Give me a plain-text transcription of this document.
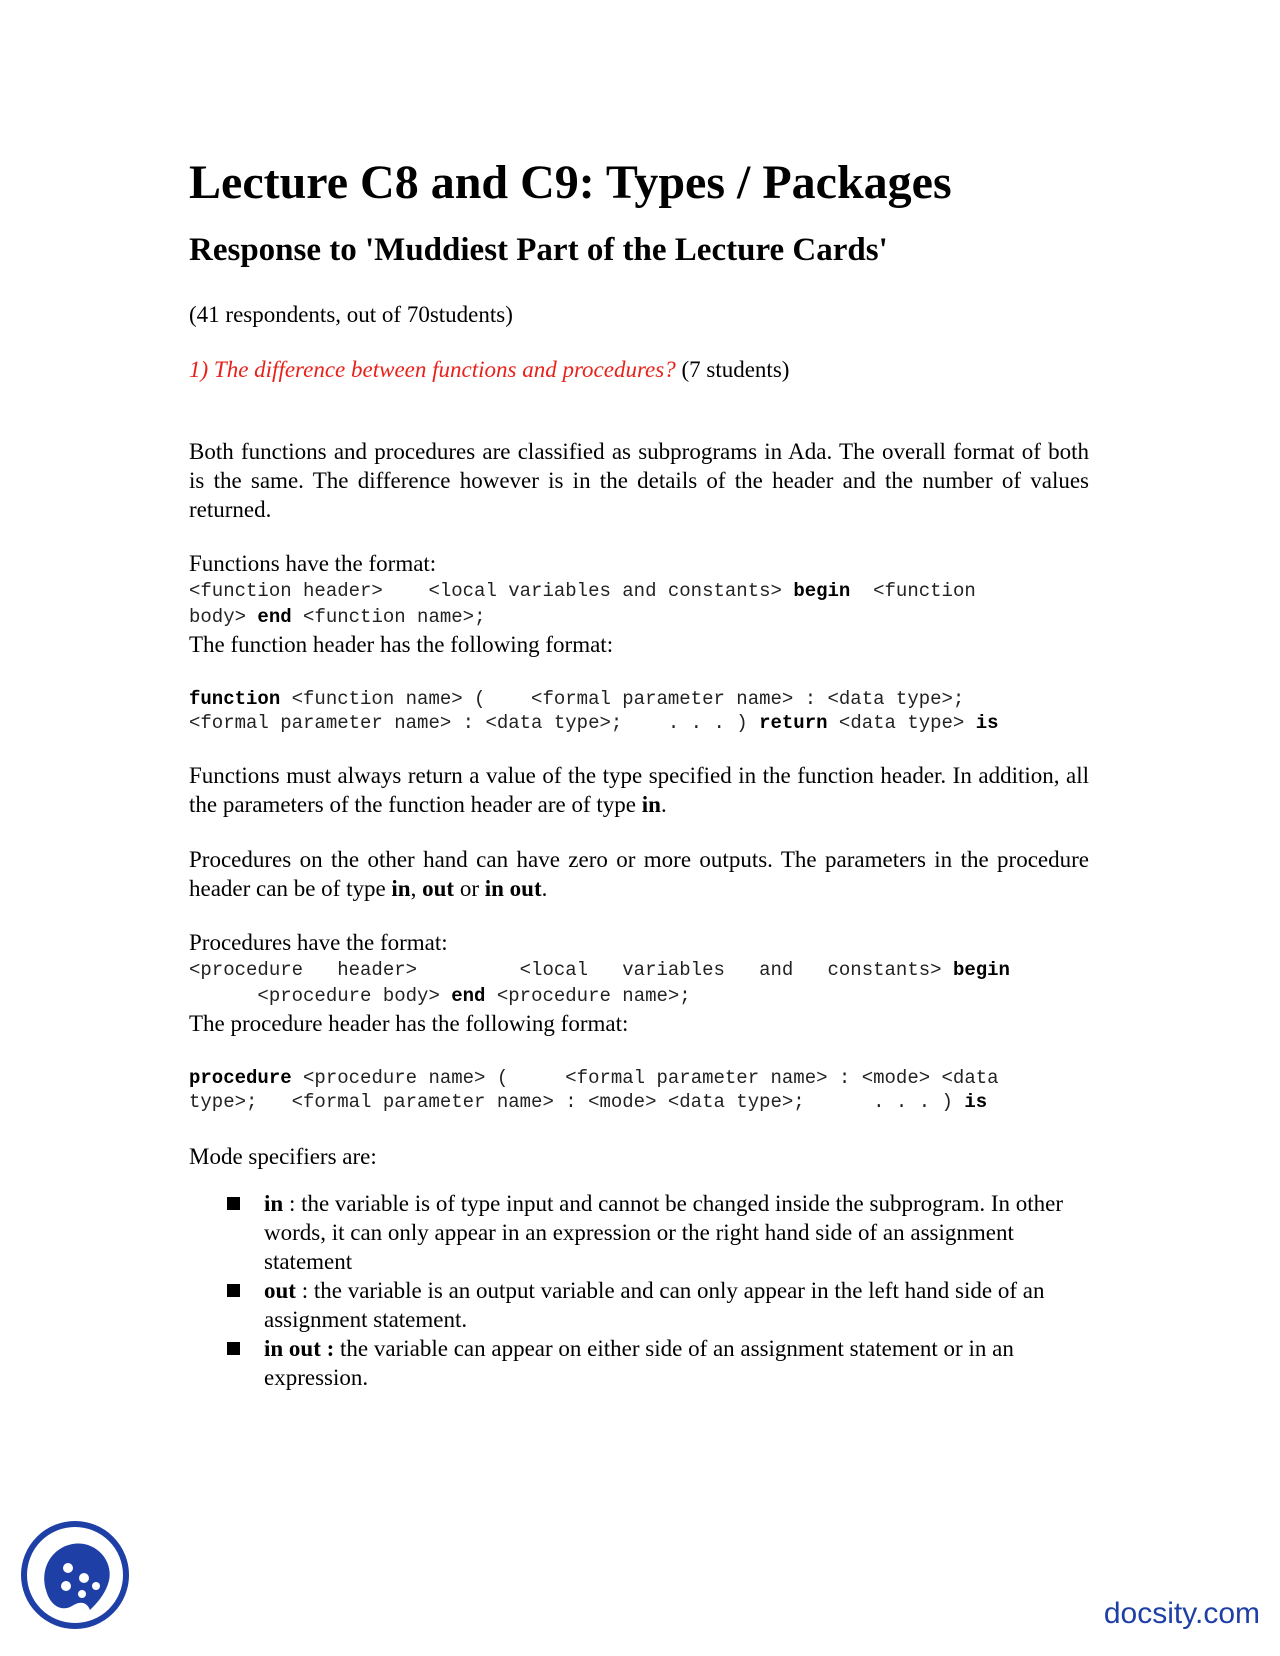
Lecture C8 and C9: Types / Packages
Response to 'Muddiest Part of the Lecture Cards'

(41 respondents, out of 70students)

1) The difference between functions and procedures? (7 students)

Both functions and procedures are classified as subprograms in Ada. The overall format of both is the same. The difference however is in the details of the header and the number of values returned.

Functions have the format:

<function header>    <local variables and constants> begin  <function
body> end <function name>;

The function header has the following format:

function <function name> (    <formal parameter name> : <data type>;
<formal parameter name> : <data type>;    . . . ) return <data type> is

Functions must always return a value of the type specified in the function header. In addition, all the parameters of the function header are of type in.

Procedures on the other hand can have zero or more outputs. The parameters in the procedure header can be of type in, out or in out.

Procedures have the format:

<procedure   header>         <local   variables   and   constants> begin
<procedure body> end <procedure name>;

The procedure header has the following format:

procedure <procedure name> (     <formal parameter name> : <mode> <data
type>;   <formal parameter name> : <mode> <data type>;      . . . ) is

Mode specifiers are:

in : the variable is of type input and cannot be changed inside the subprogram. In other words, it can only appear in an expression or the right hand side of an assignment statement
out : the variable is an output variable and can only appear in the left hand side of an assignment statement.
in out : the variable can appear on either side of an assignment statement or in an expression.
docsity.com
